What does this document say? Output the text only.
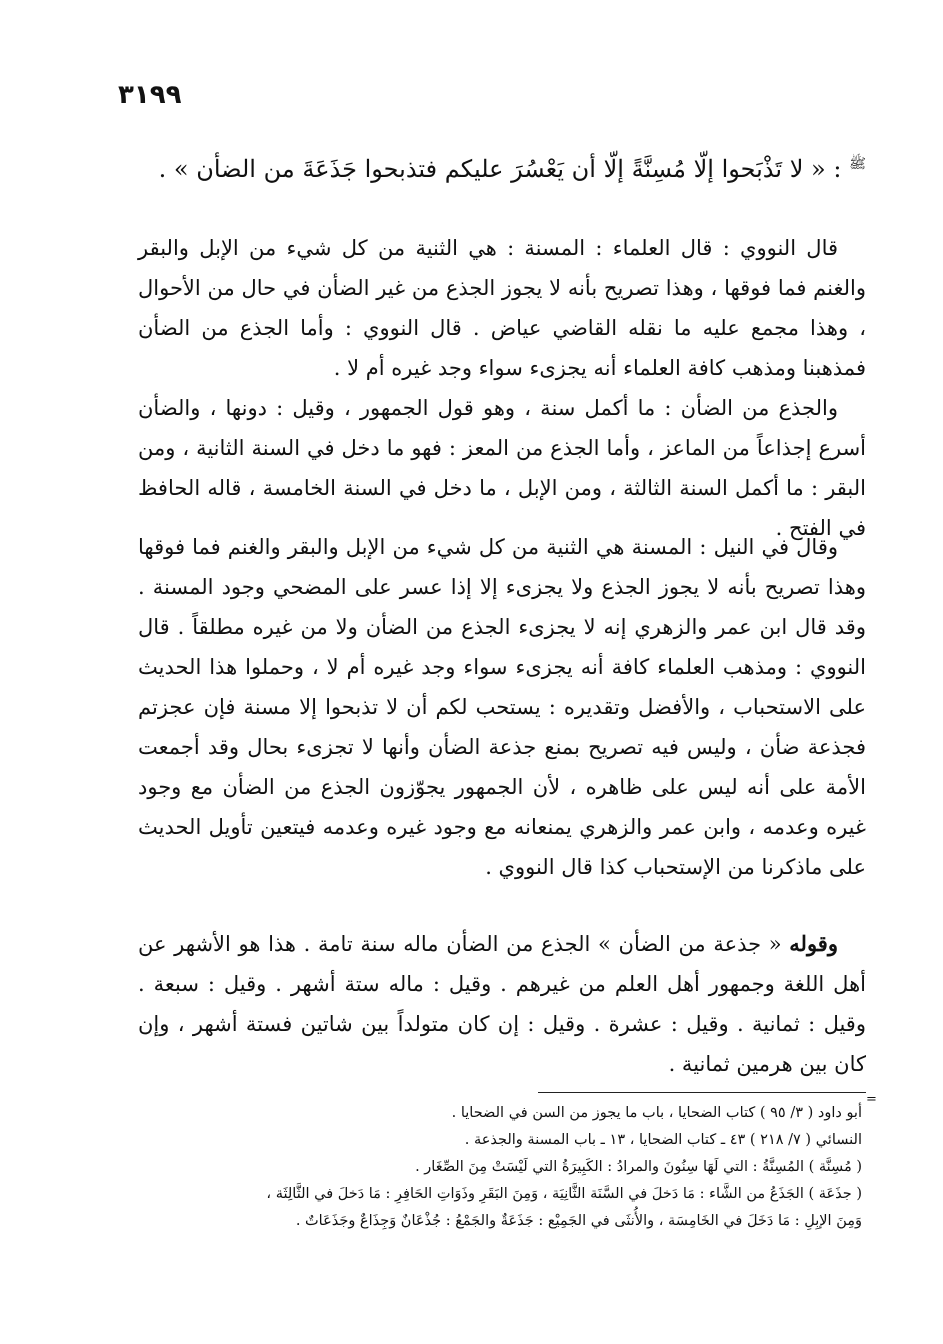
٣١٩٩
$^ﷺ$ : « لا تَذْبَحوا إلّا مُسِنَّةً إلّا أن يَعْسُرَ عليكم فتذبحوا جَذَعَةَ من الضأن » .

قال النووي : قال العلماء : المسنة : هي الثنية من كل شيء من الإبل والبقر والغنم فما فوقها ، وهذا تصريح بأنه لا يجوز الجذع من غير الضأن في حال من الأحوال ، وهذا مجمع عليه ما نقله القاضي عياض . قال النووي : وأما الجذع من الضأن فمذهبنا ومذهب كافة العلماء أنه يجزىء سواء وجد غيره أم لا .

والجذع من الضأن : ما أكمل سنة ، وهو قول الجمهور ، وقيل : دونها ، والضأن أسرع إجذاعاً من الماعز ، وأما الجذع من المعز : فهو ما دخل في السنة الثانية ، ومن البقر : ما أكمل السنة الثالثة ، ومن الإبل ، ما دخل في السنة الخامسة ، قاله الحافظ في الفتح .

وقال في النيل : المسنة هي الثنية من كل شيء من الإبل والبقر والغنم فما فوقها وهذا تصريح بأنه لا يجوز الجذع ولا يجزىء إلا إذا عسر على المضحي وجود المسنة . وقد قال ابن عمر والزهري إنه لا يجزىء الجذع من الضأن ولا من غيره مطلقاً . قال النووي : ومذهب العلماء كافة أنه يجزىء سواء وجد غيره أم لا ، وحملوا هذا الحديث على الاستحباب ، والأفضل وتقديره : يستحب لكم أن لا تذبحوا إلا مسنة فإن عجزتم فجذعة ضأن ، وليس فيه تصريح بمنع جذعة الضأن وأنها لا تجزىء بحال وقد أجمعت الأمة على أنه ليس على ظاهره ، لأن الجمهور يجوّزون الجذع من الضأن مع وجود غيره وعدمه ، وابن عمر والزهري يمنعانه مع وجود غيره وعدمه فيتعين تأويل الحديث على ماذكرنا من الإستحباب كذا قال النووي .

وقوله « جذعة من الضأن » الجذع من الضأن ماله سنة تامة . هذا هو الأشهر عن أهل اللغة وجمهور أهل العلم من غيرهم . وقيل : ماله ستة أشهر . وقيل : سبعة . وقيل : ثمانية . وقيل : عشرة . وقيل : إن كان متولداً بين شاتين فستة أشهر ، وإن كان بين هرمين ثمانية .

=
أبو داود ( ٣/ ٩٥ ) كتاب الضحايا ، باب ما يجوز من السن في الضحايا .
النسائي ( ٧/ ٢١٨ ) ٤٣ ـ كتاب الضحايا ، ١٣ ـ باب المسنة والجذعة .
( مُسِنَّة ) المُسِنَّةُ : التي لَهَا سِنُونَ والمرادُ : الكَبِيرَةُ التي لَيْسَتْ مِنَ الصِّغَار .
( جذَعَة ) الجَذَعُ من الشَّاء : مَا دَخلَ في السَّنَة الثَّانِيَة ، وَمِنَ البَقَرِ وذَوَاتِ الحَافِرِ : مَا دَخلَ في الثَّالِثَة ، وَمِنَ الإبِلِ : مَا دَخَلَ في الخَامِسَة ، والأُنثَى في الجَمِيْع : جَذَعَةٌ والجَمْعُ : جُذْعَانٌ وَجِذَاعٌ وجَذَعَاتٌ .
